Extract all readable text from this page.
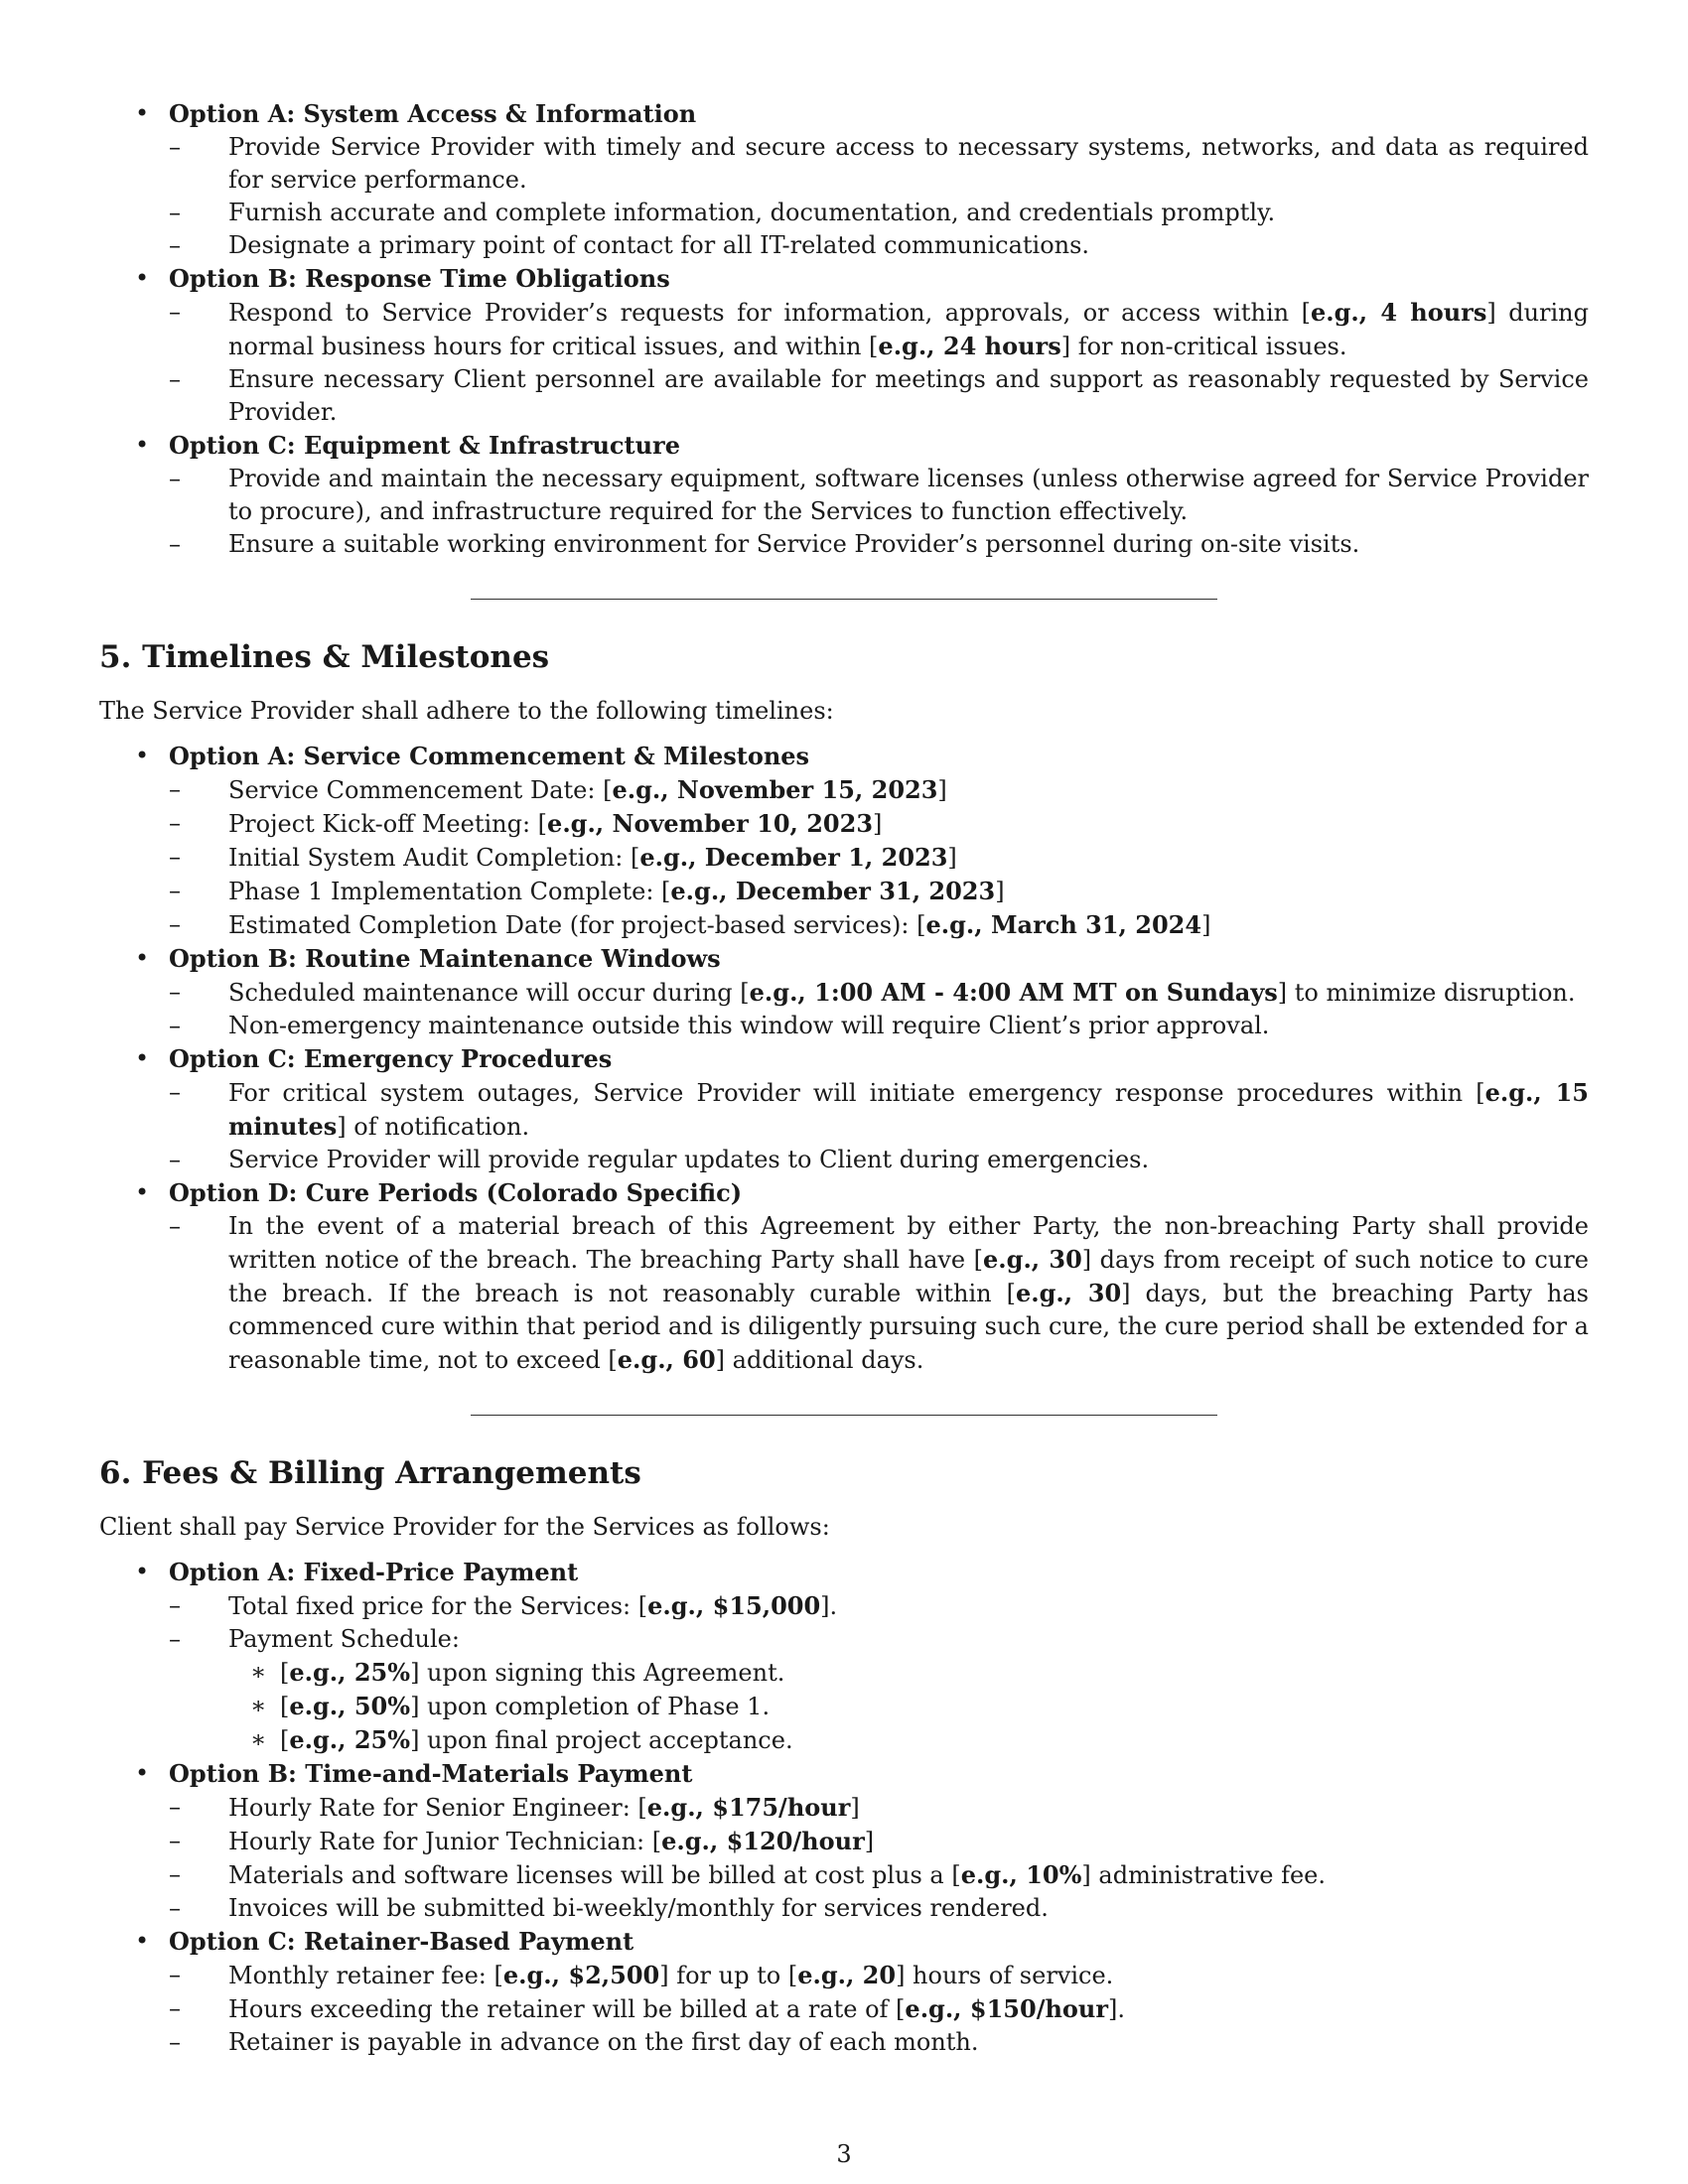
• Option A: System Access & Information
– Provide Service Provider with timely and secure access to necessary systems, networks, and data as required for service performance.
– Furnish accurate and complete information, documentation, and credentials promptly.
– Designate a primary point of contact for all IT-related communications.
• Option B: Response Time Obligations
– Respond to Service Provider’s requests for information, approvals, or access within [e.g., 4 hours] during normal business hours for critical issues, and within [e.g., 24 hours] for non-critical issues.
– Ensure necessary Client personnel are available for meetings and support as reasonably requested by Service Provider.
• Option C: Equipment & Infrastructure
– Provide and maintain the necessary equipment, software licenses (unless otherwise agreed for Service Provider to procure), and infrastructure required for the Services to function effectively.
– Ensure a suitable working environment for Service Provider’s personnel during on-site visits.
5. Timelines & Milestones

The Service Provider shall adhere to the following timelines:

• Option A: Service Commencement & Milestones
– Service Commencement Date: [e.g., November 15, 2023]
– Project Kick-off Meeting: [e.g., November 10, 2023]
– Initial System Audit Completion: [e.g., December 1, 2023]
– Phase 1 Implementation Complete: [e.g., December 31, 2023]
– Estimated Completion Date (for project-based services): [e.g., March 31, 2024]
• Option B: Routine Maintenance Windows
– Scheduled maintenance will occur during [e.g., 1:00 AM - 4:00 AM MT on Sundays] to minimize disruption.
– Non-emergency maintenance outside this window will require Client’s prior approval.
• Option C: Emergency Procedures
– For critical system outages, Service Provider will initiate emergency response procedures within [e.g., 15 minutes] of notification.
– Service Provider will provide regular updates to Client during emergencies.
• Option D: Cure Periods (Colorado Specific)
– In the event of a material breach of this Agreement by either Party, the non-breaching Party shall provide written notice of the breach. The breaching Party shall have [e.g., 30] days from receipt of such notice to cure the breach. If the breach is not reasonably curable within [e.g., 30] days, but the breaching Party has commenced cure within that period and is diligently pursuing such cure, the cure period shall be extended for a reasonable time, not to exceed [e.g., 60] additional days.
6. Fees & Billing Arrangements

Client shall pay Service Provider for the Services as follows:

• Option A: Fixed-Price Payment
– Total fixed price for the Services: [e.g., $15,000].
– Payment Schedule:
∗ [e.g., 25%] upon signing this Agreement.
∗ [e.g., 50%] upon completion of Phase 1.
∗ [e.g., 25%] upon final project acceptance.
• Option B: Time-and-Materials Payment
– Hourly Rate for Senior Engineer: [e.g., $175/hour]
– Hourly Rate for Junior Technician: [e.g., $120/hour]
– Materials and software licenses will be billed at cost plus a [e.g., 10%] administrative fee.
– Invoices will be submitted bi-weekly/monthly for services rendered.
• Option C: Retainer-Based Payment
– Monthly retainer fee: [e.g., $2,500] for up to [e.g., 20] hours of service.
– Hours exceeding the retainer will be billed at a rate of [e.g., $150/hour].
– Retainer is payable in advance on the first day of each month.
3
